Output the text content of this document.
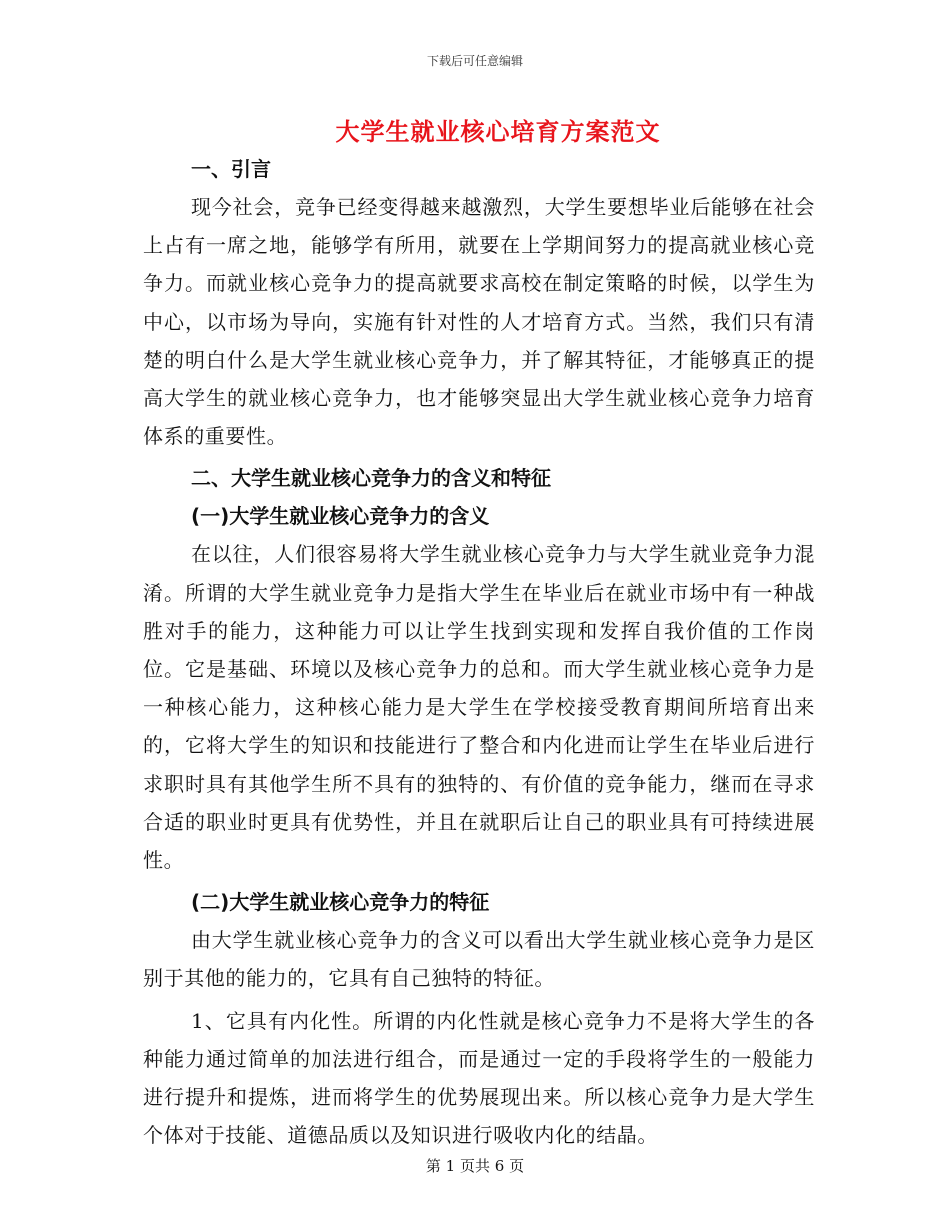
下载后可任意编辑
大学生就业核心培育方案范文
一、引言

现今社会，竞争已经变得越来越激烈，大学生要想毕业后能够在社会上占有一席之地，能够学有所用，就要在上学期间努力的提高就业核心竞争力。而就业核心竞争力的提高就要求高校在制定策略的时候，以学生为中心，以市场为导向，实施有针对性的人才培育方式。当然，我们只有清楚的明白什么是大学生就业核心竞争力，并了解其特征，才能够真正的提高大学生的就业核心竞争力，也才能够突显出大学生就业核心竞争力培育体系的重要性。

二、大学生就业核心竞争力的含义和特征
(一)大学生就业核心竞争力的含义

在以往，人们很容易将大学生就业核心竞争力与大学生就业竞争力混淆。所谓的大学生就业竞争力是指大学生在毕业后在就业市场中有一种战胜对手的能力，这种能力可以让学生找到实现和发挥自我价值的工作岗位。它是基础、环境以及核心竞争力的总和。而大学生就业核心竞争力是一种核心能力，这种核心能力是大学生在学校接受教育期间所培育出来的，它将大学生的知识和技能进行了整合和内化进而让学生在毕业后进行求职时具有其他学生所不具有的独特的、有价值的竞争能力，继而在寻求合适的职业时更具有优势性，并且在就职后让自己的职业具有可持续进展性。

(二)大学生就业核心竞争力的特征

由大学生就业核心竞争力的含义可以看出大学生就业核心竞争力是区别于其他的能力的，它具有自己独特的特征。

1、它具有内化性。所谓的内化性就是核心竞争力不是将大学生的各种能力通过简单的加法进行组合，而是通过一定的手段将学生的一般能力进行提升和提炼，进而将学生的优势展现出来。所以核心竞争力是大学生个体对于技能、道德品质以及知识进行吸收内化的结晶。

第 1 页共 6 页
